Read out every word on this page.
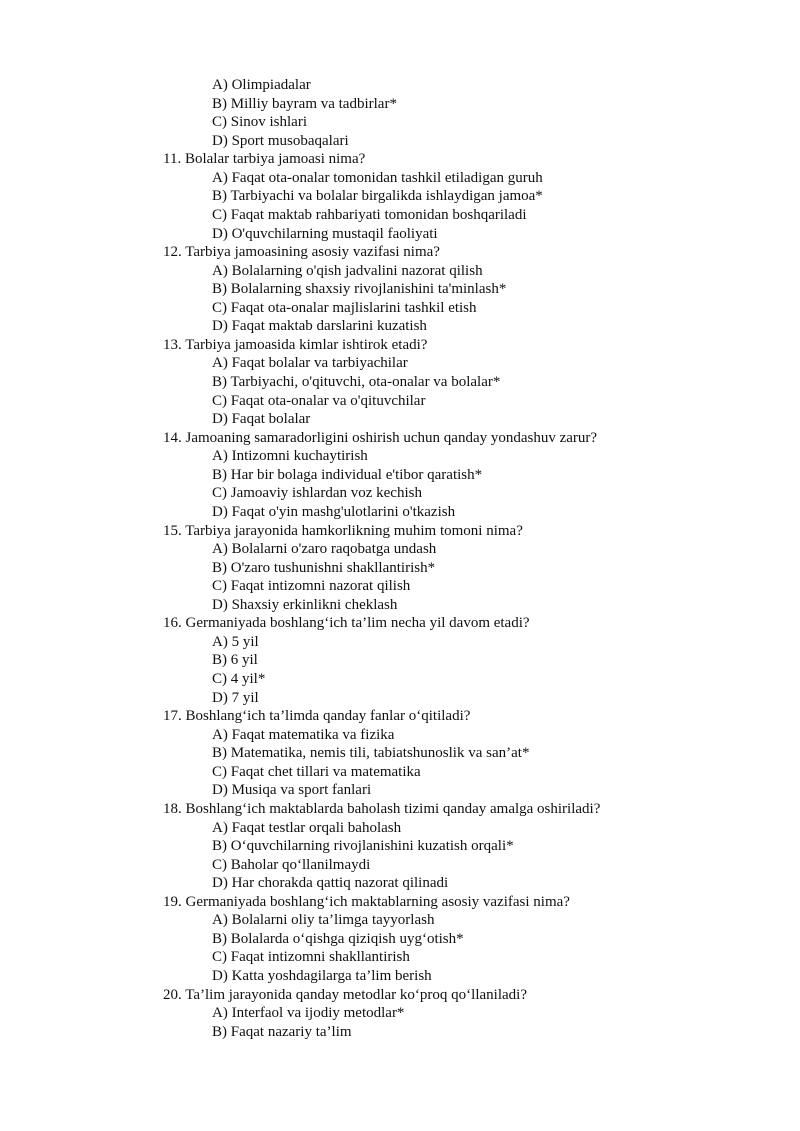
A) Olimpiadalar
B) Milliy bayram va tadbirlar*
C) Sinov ishlari
D) Sport musobaqalari
11. Bolalar tarbiya jamoasi nima?
A) Faqat ota-onalar tomonidan tashkil etiladigan guruh
B) Tarbiyachi va bolalar birgalikda ishlaydigan jamoa*
C) Faqat maktab rahbariyati tomonidan boshqariladi
D) O'quvchilarning mustaqil faoliyati
12. Tarbiya jamoasining asosiy vazifasi nima?
A) Bolalarning o'qish jadvalini nazorat qilish
B) Bolalarning shaxsiy rivojlanishini ta'minlash*
C) Faqat ota-onalar majlislarini tashkil etish
D) Faqat maktab darslarini kuzatish
13. Tarbiya jamoasida kimlar ishtirok etadi?
A) Faqat bolalar va tarbiyachilar
B) Tarbiyachi, o'qituvchi, ota-onalar va bolalar*
C) Faqat ota-onalar va o'qituvchilar
D) Faqat bolalar
14. Jamoaning samaradorligini oshirish uchun qanday yondashuv zarur?
A) Intizomni kuchaytirish
B) Har bir bolaga individual e'tibor qaratish*
C) Jamoaviy ishlardan voz kechish
D) Faqat o'yin mashg'ulotlarini o'tkazish
15. Tarbiya jarayonida hamkorlikning muhim tomoni nima?
A) Bolalarni o'zaro raqobatga undash
B) O'zaro tushunishni shakllantirish*
C) Faqat intizomni nazorat qilish
D) Shaxsiy erkinlikni cheklash
16. Germaniyada boshlang‘ich ta’lim necha yil davom etadi?
A) 5 yil
B) 6 yil
C) 4 yil*
D) 7 yil
17. Boshlang‘ich ta’limda qanday fanlar o‘qitiladi?
A) Faqat matematika va fizika
B) Matematika, nemis tili, tabiatshunoslik va san’at*
C) Faqat chet tillari va matematika
D) Musiqa va sport fanlari
18. Boshlang‘ich maktablarda baholash tizimi qanday amalga oshiriladi?
A) Faqat testlar orqali baholash
B) O‘quvchilarning rivojlanishini kuzatish orqali*
C) Baholar qo‘llanilmaydi
D) Har chorakda qattiq nazorat qilinadi
19. Germaniyada boshlang‘ich maktablarning asosiy vazifasi nima?
A) Bolalarni oliy ta’limga tayyorlash
B) Bolalarda o‘qishga qiziqish uyg‘otish*
C) Faqat intizomni shakllantirish
D) Katta yoshdagilarga ta’lim berish
20. Ta’lim jarayonida qanday metodlar ko‘proq qo‘llaniladi?
A) Interfaol va ijodiy metodlar*
B) Faqat nazariy ta’lim
